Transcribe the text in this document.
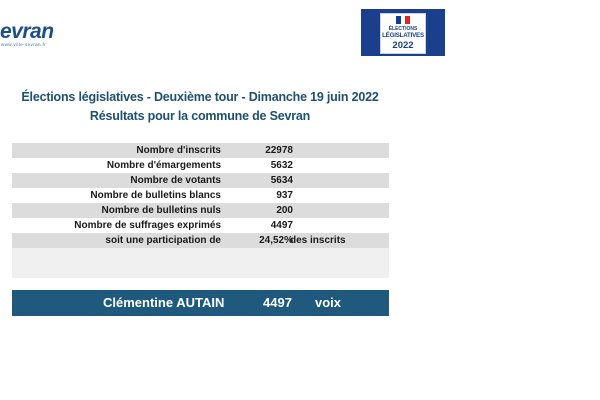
evran
www.ville-sevran.fr
ÉLECTIONS
LÉGISLATIVES
2022
Élections législatives - Deuxième tour - Dimanche 19 juin 2022
Résultats pour la commune de Sevran
Nombre d'inscrits	22978
Nombre d'émargements	5632
Nombre de votants	5634
Nombre de bulletins blancs	937
Nombre de bulletins nuls	200
Nombre de suffrages exprimés	4497
soit une participation de	24,52%
des inscrits
Clémentine AUTAIN	4497 voix
